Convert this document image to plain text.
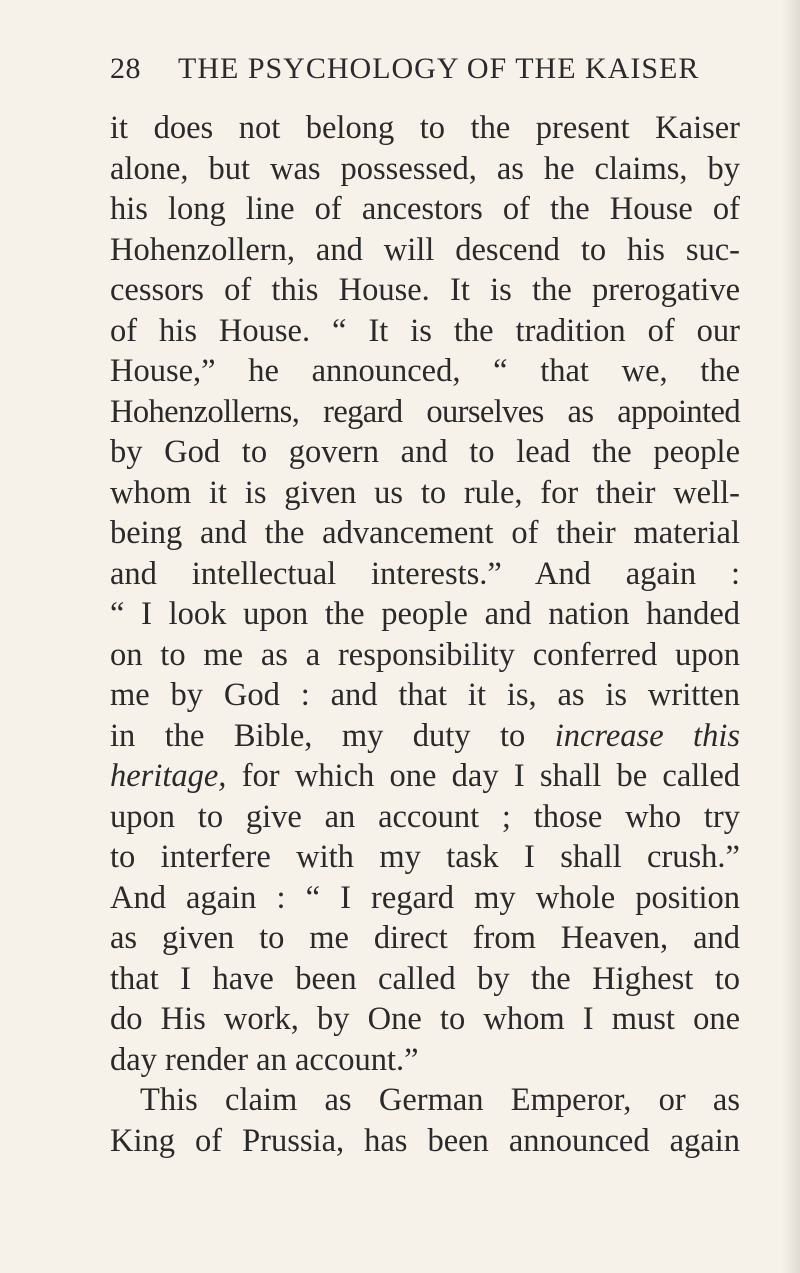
28	THE PSYCHOLOGY OF THE KAISER
it does not belong to the present Kaiser
alone, but was possessed, as he claims, by
his long line of ancestors of the House of
Hohenzollern, and will descend to his suc-
cessors of this House. It is the prerogative
of his House. “ It is the tradition of our
House,” he announced, “ that we, the
Hohenzollerns, regard ourselves as appointed
by God to govern and to lead the people
whom it is given us to rule, for their well-
being and the advancement of their material
and intellectual interests.” And again :
“ I look upon the people and nation handed
on to me as a responsibility conferred upon
me by God : and that it is, as is written
in the Bible, my duty to increase this
heritage, for which one day I shall be called
upon to give an account ; those who try
to interfere with my task I shall crush.”
And again : “ I regard my whole position
as given to me direct from Heaven, and
that I have been called by the Highest to
do His work, by One to whom I must one
day render an account.”
This claim as German Emperor, or as
King of Prussia, has been announced again
